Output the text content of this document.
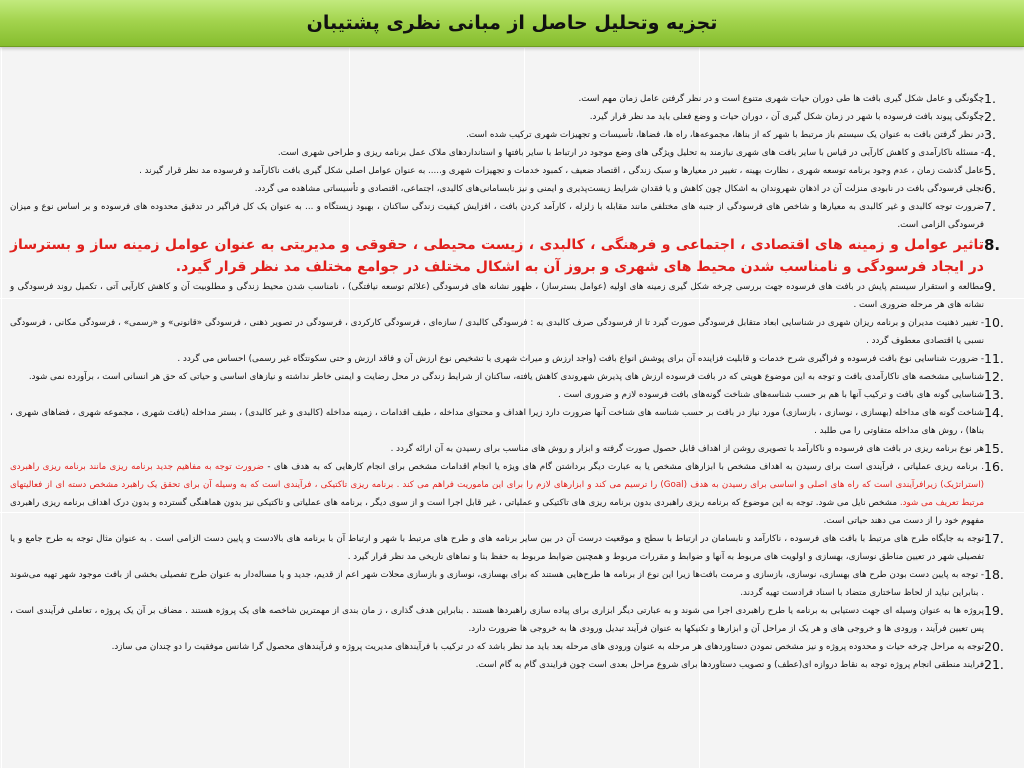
تجزیه وتحلیل حاصل از مبانی نظری پشتیبان
1.
چگونگی و عامل شکل گیری بافت ها طی دوران حیات شهری متنوع است و در نظر گرفتن عامل زمان مهم است.
2.
چگونگی پیوند بافت فرسوده با شهر در زمان شکل گیری آن ، دوران حیات و وضع فعلی باید مد نظر قرار گیرد.
3.
در نظر گرفتن بافت به عنوان یک سیستم باز مرتبط با شهر که از بناها، مجموعه‌ها، راه ها، فضاها، تأسیسات و تجهیزات شهری ترکیب شده است.
4.
- مسئله ناکارآمدی و کاهش کارآیی در قیاس با سایر بافت های شهری نیازمند به تحلیل ویژگی های وضع موجود در ارتباط با سایر بافتها و استانداردهای ملاک عمل برنامه ریزی و طراحی شهری است.
5.
عامل گذشت زمان ، عدم وجود برنامه توسعه شهری ، نظارت بهینه ، تغییر در معیارها و سبک زندگی ، اقتصاد ضعیف ، کمبود خدمات و تجهیزات شهری و..... به عنوان عوامل اصلی شکل گیری بافت ناکارآمد و فرسوده مد نظر قرار گیرند .
6.
تجلی فرسودگی بافت در نابودی منزلت آن در اذهان شهروندان به اشکال چون کاهش و یا فقدان شرایط زیست‌پذیری و ایمنی و نیز نابسامانی‌های کالبدی، اجتماعی، اقتصادی و تأسیساتی مشاهده می گردد.
7.
ضرورت توجه کالبدی و غیر کالبدی به معیارها و شاخص های فرسودگی از جنبه های مختلفی مانند مقابله با زلزله ، کارآمد کردن بافت ، افزایش کیفیت زندگی ساکنان ، بهبود زیستگاه و ... به عنوان یک کل فراگیر در تدقیق محدوده های فرسوده و بر اساس نوع و میزان فرسودگی الزامی است.
8.
تاثیر عوامل و زمینه های اقتصادی ، اجتماعی و فرهنگی ، کالبدی ، زیست محیطی ، حقوقی و مدیریتی به عنوان عوامل زمینه ساز و بسترساز در ایجاد فرسودگی و نامناسب شدن محیط های شهری و بروز آن به اشکال مختلف در جوامع مختلف مد نظر قرار گیرد.
9.
مطالعه و استقرار سیستم پایش در بافت های فرسوده جهت بررسی چرخه شکل گیری زمینه های اولیه (عوامل بسترساز) ، ظهور نشانه های فرسودگی (علائم توسعه نیافتگی) ، نامناسب شدن محیط زندگی و مطلوبیت آن و کاهش کارآیی آتی ، تکمیل روند فرسودگی و نشانه های هر مرحله ضروری است .
10.
- تغییر ذهنیت مدیران و برنامه ریزان شهری در شناسایی ابعاد متقابل فرسودگی صورت گیرد تا از فرسودگی صرف کالبدی به : فرسودگی کالبدی / سازه‌ای ، فرسودگی کارکردی ، فرسودگی در تصویر ذهنی ، فرسودگی «قانونی» و «رسمی» ، فرسودگی مکانی ، فرسودگی نسبی یا اقتصادی معطوف گردد .
11.
- ضرورت شناسایی نوع بافت فرسوده و فراگیری شرح خدمات و قابلیت فزاینده آن برای پوشش انواع بافت (واجد ارزش و میراث شهری با تشخیص نوع ارزش آن و فاقد ارزش و حتی سکونتگاه غیر رسمی) احساس می گردد .
12.
شناسایی مشخصه های ناکارآمدی بافت و توجه به این موضوع هویتی که در بافت فرسوده ارزش های پذیرش شهروندی کاهش یافته، ساکنان از شرایط زندگی در محل رضایت و ایمنی خاطر نداشته و نیازهای اساسی و حیاتی که حق هر انسانی است ، برآورده نمی شود.
13.
شناسایی گونه های بافت و ترکیب آنها با هم بر حسب شناسه‌های شناخت گونه‌های بافت فرسوده لازم و ضروری است .
14.
شناخت گونه های مداخله (بهسازی ، نوسازی ، بازسازی) مورد نیاز در بافت بر حسب شناسه های شناخت آنها ضرورت دارد زیرا اهداف و محتوای مداخله ، طیف اقدامات ، زمینه مداخله (کالبدی و غیر کالبدی) ، بستر مداخله (بافت شهری ، مجموعه شهری ، فضاهای شهری ، بناها) ، روش های مداخله متفاوتی را می طلبد .
15.
هر نوع برنامه ریزی در بافت های فرسوده و ناکارآمد با تصویری روشن از اهداف قابل حصول صورت گرفته و ابزار و روش های مناسب برای رسیدن به آن ارائه گردد .
16.
. برنامه ریزی عملیاتی ، فرآیندی است برای رسیدن به اهداف مشخص با ابزارهای مشخص یا به عبارت دیگر برداشتن گام های ویژه یا انجام اقدامات مشخص برای انجام کارهایی که به هدف های - ضرورت توجه به مفاهیم جدید برنامه ریزی مانند برنامه ریزی راهبردی (استراتژیک) زیرافرآیندی است که راه های اصلی و اساسی برای رسیدن به هدف (Goal) را ترسیم می کند و ابزارهای لازم را برای این ماموریت فراهم می کند . برنامه ریزی تاکتیکی ، فرآیندی است که به وسیله آن برای تحقق یک راهبرد مشخص دسته ای از فعالیتهای مرتبط تعریف می شود. مشخص نایل می شود. توجه به این موضوع که برنامه ریزی راهبردی بدون برنامه ریزی های تاکتیکی و عملیاتی ، غیر قابل اجرا است و از سوی دیگر ، برنامه های عملیاتی و تاکتیکی نیز بدون هماهنگی گسترده و بدون درک اهداف برنامه ریزی راهبردی مفهوم خود را از دست می دهند حیاتی است.
17.
توجه به جایگاه طرح های مرتبط با بافت های فرسوده ، ناکارآمد و نابسامان در ارتباط با سطح و موقعیت درست آن در بین سایر برنامه های و طرح های مرتبط با شهر و ارتباط آن با برنامه های بالادست و پایین دست الزامی است . به عنوان مثال توجه به طرح جامع و یا تفصیلی شهر در تعیین مناطق نوسازی، بهسازی و اولویت های مربوط به آنها و ضوابط و مقررات مربوط و همچنین ضوابط مربوط به حفظ بنا و نماهای تاریخی مد نظر قرار گیرد .
18.
- توجه به پایین دست بودن طرح های بهسازی، نوسازی، بازسازی و مرمت بافت‌ها زیرا این نوع از برنامه ها طرح‌هایی هستند که برای بهسازی، نوسازی و بازسازی محلات شهر اعم از قدیم، جدید و یا مساله‌دار به عنوان طرح تفصیلی بخشی از بافت موجود شهر تهیه می‌شوند . بنابراین نباید از لحاظ ساختاری متضاد با اسناد فرادست تهیه گردند.
19.
پروژه ها به عنوان وسیله ای جهت دستیابی به برنامه یا طرح راهبردی اجرا می شوند و به عبارتی دیگر ابزاری برای پیاده سازی راهبردها هستند . بنابراین هدف گذاری ، ز مان بندی از مهمترین شاخصه های یک پروژه هستند . مضاف بر آن یک پروژه ، تعاملی فرآیندی است ، پس تعیین فرآیند ، ورودی ها و خروجی های و هر یک از مراحل آن و ابزارها و تکنیکها به عنوان فرآیند تبدیل ورودی ها به خروجی ها ضرورت دارد.
20.
توجه به مراحل چرخه حیات و محدوده پروژه و نیز مشخص نمودن دستاوردهای هر مرحله به عنوان ورودی های مرحله بعد باید مد نظر باشد که در ترکیب با فرآیندهای مدیریت پروژه و فرآیندهای محصول گرا شانس موفقیت را دو چندان می سازد.
21.
فرایند منطقی انجام پروژه توجه به نقاط دروازه ای(عطف) و تصویب دستاوردها برای شروع مراحل بعدی است چون فرایندی گام به گام است.
